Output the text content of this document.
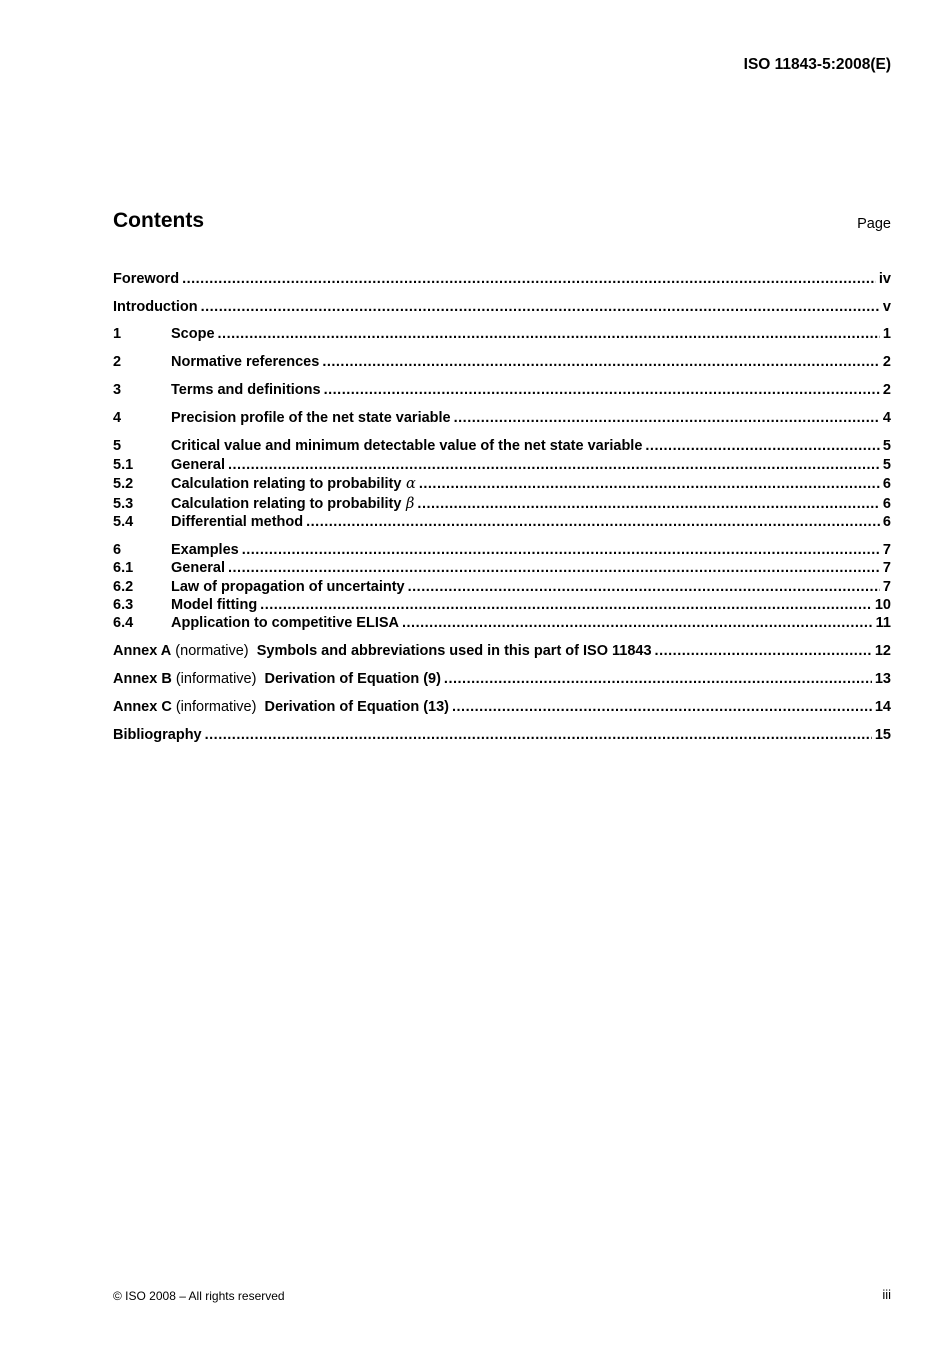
ISO 11843-5:2008(E)
Contents	Page
Foreword .....	iv
Introduction .....	v
1	Scope .....	1
2	Normative references .....	2
3	Terms and definitions .....	2
4	Precision profile of the net state variable .....	4
5	Critical value and minimum detectable value of the net state variable .....	5
5.1	General .....	5
5.2	Calculation relating to probability α .....	6
5.3	Calculation relating to probability β .....	6
5.4	Differential method .....	6
6	Examples .....	7
6.1	General .....	7
6.2	Law of propagation of uncertainty .....	7
6.3	Model fitting .....	10
6.4	Application to competitive ELISA .....	11
Annex A (normative)  Symbols and abbreviations used in this part of ISO 11843 .....	12
Annex B (informative)  Derivation of Equation (9) .....	13
Annex C (informative)  Derivation of Equation (13) .....	14
Bibliography .....	15
© ISO 2008 – All rights reserved	iii
